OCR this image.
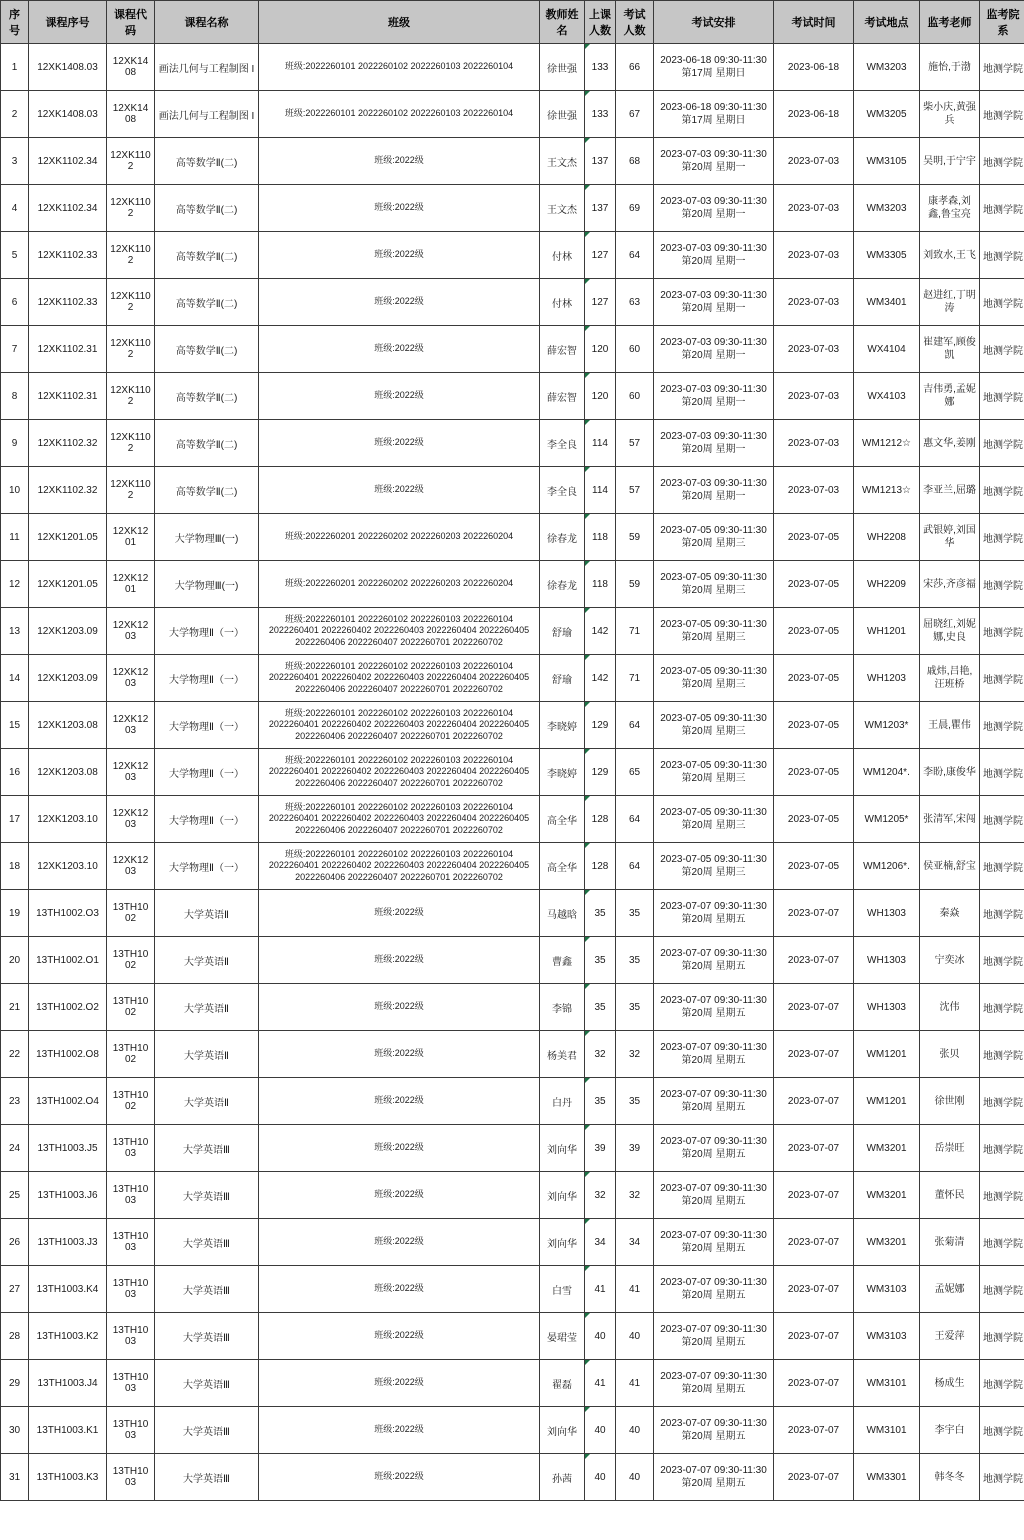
序号	课程序号	课程代码	课程名称	班级	教师姓名	上课人数	考试人数	考试安排	考试时间	考试地点	监考老师	监考院系
1	12XK1408.03	12XK1408	画法几何与工程制图 I	班级:2022260101 2022260102 2022260103 2022260104	徐世强	133	66	2023-06-18 09:30-11:30 第17周 星期日	2023-06-18	WM3203	施怡,于渤	地测学院
2	12XK1408.03	12XK1408	画法几何与工程制图 I	班级:2022260101 2022260102 2022260103 2022260104	徐世强	133	67	2023-06-18 09:30-11:30 第17周 星期日	2023-06-18	WM3205	柴小庆,黄强兵	地测学院
3	12XK1102.34	12XK1102	高等数学Ⅱ(二)	班级:2022级	王文杰	137	68	2023-07-03 09:30-11:30 第20周 星期一	2023-07-03	WM3105	吴明,于宁宇	地测学院
4	12XK1102.34	12XK1102	高等数学Ⅱ(二)	班级:2022级	王文杰	137	69	2023-07-03 09:30-11:30 第20周 星期一	2023-07-03	WM3203	康孝森,刘鑫,鲁宝亮	地测学院
5	12XK1102.33	12XK1102	高等数学Ⅱ(二)	班级:2022级	付林	127	64	2023-07-03 09:30-11:30 第20周 星期一	2023-07-03	WM3305	刘致水,王飞	地测学院
6	12XK1102.33	12XK1102	高等数学Ⅱ(二)	班级:2022级	付林	127	63	2023-07-03 09:30-11:30 第20周 星期一	2023-07-03	WM3401	赵进红,丁明涛	地测学院
7	12XK1102.31	12XK1102	高等数学Ⅱ(二)	班级:2022级	薛宏智	120	60	2023-07-03 09:30-11:30 第20周 星期一	2023-07-03	WX4104	崔建军,顾俊凯	地测学院
8	12XK1102.31	12XK1102	高等数学Ⅱ(二)	班级:2022级	薛宏智	120	60	2023-07-03 09:30-11:30 第20周 星期一	2023-07-03	WX4103	吉伟勇,孟妮娜	地测学院
9	12XK1102.32	12XK1102	高等数学Ⅱ(二)	班级:2022级	李全良	114	57	2023-07-03 09:30-11:30 第20周 星期一	2023-07-03	WM1212☆	惠文华,姜刚	地测学院
10	12XK1102.32	12XK1102	高等数学Ⅱ(二)	班级:2022级	李全良	114	57	2023-07-03 09:30-11:30 第20周 星期一	2023-07-03	WM1213☆	李亚兰,屈璐	地测学院
11	12XK1201.05	12XK1201	大学物理Ⅲ(一)	班级:2022260201 2022260202 2022260203 2022260204	徐春龙	118	59	2023-07-05 09:30-11:30 第20周 星期三	2023-07-05	WH2208	武银婷,刘国华	地测学院
12	12XK1201.05	12XK1201	大学物理Ⅲ(一)	班级:2022260201 2022260202 2022260203 2022260204	徐春龙	118	59	2023-07-05 09:30-11:30 第20周 星期三	2023-07-05	WH2209	宋莎,齐彦福	地测学院
13	12XK1203.09	12XK1203	大学物理Ⅱ（一）	班级:2022260101 2022260102 2022260103 2022260104 2022260401 2022260402 2022260403 2022260404 2022260405 2022260406 2022260407 2022260701 2022260702	舒瑜	142	71	2023-07-05 09:30-11:30 第20周 星期三	2023-07-05	WH1201	屈晓红,刘妮娜,史良	地测学院
14	12XK1203.09	12XK1203	大学物理Ⅱ（一）	班级:2022260101 2022260102 2022260103 2022260104 2022260401 2022260402 2022260403 2022260404 2022260405 2022260406 2022260407 2022260701 2022260702	舒瑜	142	71	2023-07-05 09:30-11:30 第20周 星期三	2023-07-05	WH1203	戚炜,吕艳,汪班桥	地测学院
15	12XK1203.08	12XK1203	大学物理Ⅱ（一）	班级:2022260101 2022260102 2022260103 2022260104 2022260401 2022260402 2022260403 2022260404 2022260405 2022260406 2022260407 2022260701 2022260702	李晓婷	129	64	2023-07-05 09:30-11:30 第20周 星期三	2023-07-05	WM1203*	王晨,瞿伟	地测学院
16	12XK1203.08	12XK1203	大学物理Ⅱ（一）	班级:2022260101 2022260102 2022260103 2022260104 2022260401 2022260402 2022260403 2022260404 2022260405 2022260406 2022260407 2022260701 2022260702	李晓婷	129	65	2023-07-05 09:30-11:30 第20周 星期三	2023-07-05	WM1204*.	李盼,康俊华	地测学院
17	12XK1203.10	12XK1203	大学物理Ⅱ（一）	班级:2022260101 2022260102 2022260103 2022260104 2022260401 2022260402 2022260403 2022260404 2022260405 2022260406 2022260407 2022260701 2022260702	高全华	128	64	2023-07-05 09:30-11:30 第20周 星期三	2023-07-05	WM1205*	张清军,宋闯	地测学院
18	12XK1203.10	12XK1203	大学物理Ⅱ（一）	班级:2022260101 2022260102 2022260103 2022260104 2022260401 2022260402 2022260403 2022260404 2022260405 2022260406 2022260407 2022260701 2022260702	高全华	128	64	2023-07-05 09:30-11:30 第20周 星期三	2023-07-05	WM1206*.	侯亚楠,舒宝	地测学院
19	13TH1002.O3	13TH1002	大学英语Ⅱ	班级:2022级	马越晗	35	35	2023-07-07 09:30-11:30 第20周 星期五	2023-07-07	WH1303	秦焱	地测学院
20	13TH1002.O1	13TH1002	大学英语Ⅱ	班级:2022级	曹鑫	35	35	2023-07-07 09:30-11:30 第20周 星期五	2023-07-07	WH1303	宁奕冰	地测学院
21	13TH1002.O2	13TH1002	大学英语Ⅱ	班级:2022级	李锦	35	35	2023-07-07 09:30-11:30 第20周 星期五	2023-07-07	WH1303	沈伟	地测学院
22	13TH1002.O8	13TH1002	大学英语Ⅱ	班级:2022级	杨美君	32	32	2023-07-07 09:30-11:30 第20周 星期五	2023-07-07	WM1201	张贝	地测学院
23	13TH1002.O4	13TH1002	大学英语Ⅱ	班级:2022级	白丹	35	35	2023-07-07 09:30-11:30 第20周 星期五	2023-07-07	WM1201	徐世刚	地测学院
24	13TH1003.J5	13TH1003	大学英语Ⅲ	班级:2022级	刘向华	39	39	2023-07-07 09:30-11:30 第20周 星期五	2023-07-07	WM3201	岳崇旺	地测学院
25	13TH1003.J6	13TH1003	大学英语Ⅲ	班级:2022级	刘向华	32	32	2023-07-07 09:30-11:30 第20周 星期五	2023-07-07	WM3201	董怀民	地测学院
26	13TH1003.J3	13TH1003	大学英语Ⅲ	班级:2022级	刘向华	34	34	2023-07-07 09:30-11:30 第20周 星期五	2023-07-07	WM3201	张菊清	地测学院
27	13TH1003.K4	13TH1003	大学英语Ⅲ	班级:2022级	白雪	41	41	2023-07-07 09:30-11:30 第20周 星期五	2023-07-07	WM3103	孟妮娜	地测学院
28	13TH1003.K2	13TH1003	大学英语Ⅲ	班级:2022级	晏珺莹	40	40	2023-07-07 09:30-11:30 第20周 星期五	2023-07-07	WM3103	王爱萍	地测学院
29	13TH1003.J4	13TH1003	大学英语Ⅲ	班级:2022级	翟磊	41	41	2023-07-07 09:30-11:30 第20周 星期五	2023-07-07	WM3101	杨成生	地测学院
30	13TH1003.K1	13TH1003	大学英语Ⅲ	班级:2022级	刘向华	40	40	2023-07-07 09:30-11:30 第20周 星期五	2023-07-07	WM3101	李宇白	地测学院
31	13TH1003.K3	13TH1003	大学英语Ⅲ	班级:2022级	孙茜	40	40	2023-07-07 09:30-11:30 第20周 星期五	2023-07-07	WM3301	韩冬冬	地测学院
